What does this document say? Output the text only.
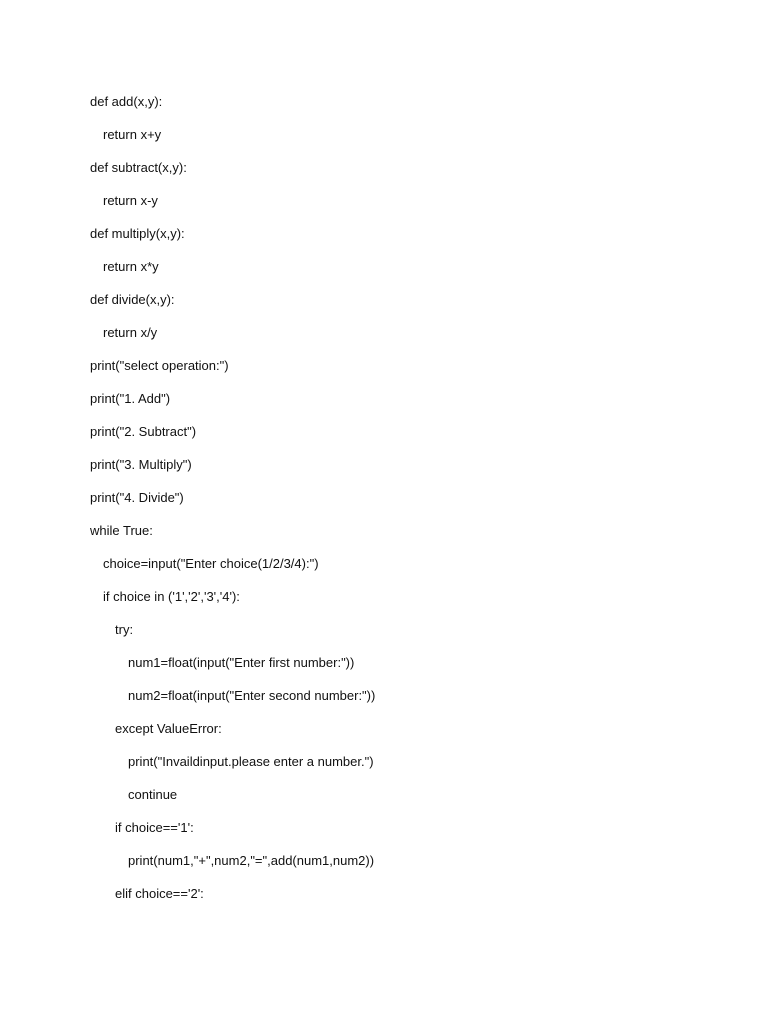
def add(x,y):
return x+y
def subtract(x,y):
return x-y
def multiply(x,y):
return x*y
def divide(x,y):
return x/y
print("select operation:")
print("1. Add")
print("2. Subtract")
print("3. Multiply")
print("4. Divide")
while True:
choice=input("Enter choice(1/2/3/4):")
if choice in ('1','2','3','4'):
try:
num1=float(input("Enter first number:"))
num2=float(input("Enter second number:"))
except ValueError:
print("Invaildinput.please enter a number.")
continue
if choice=='1':
print(num1,"+",num2,"=",add(num1,num2))
elif choice=='2':
